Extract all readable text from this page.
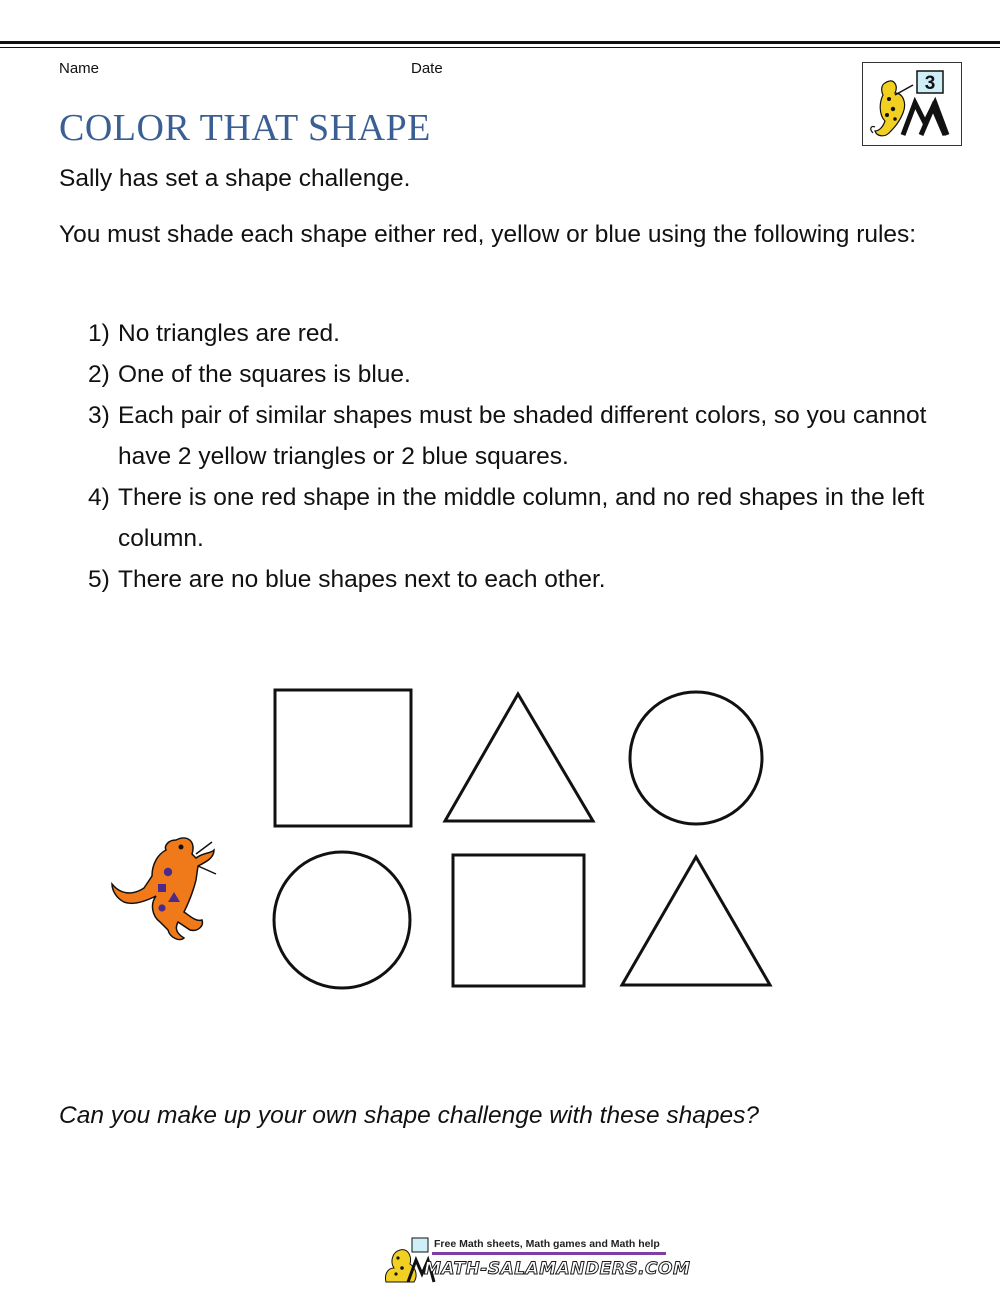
Name	Date
3
COLOR THAT SHAPE

Sally has set a shape challenge.

You must shade each shape either red, yellow or blue using the following rules:

1) No triangles are red.
2) One of the squares is blue.
3) Each pair of similar shapes must be shaded different colors, so you cannot have 2 yellow triangles or 2 blue squares.
4) There is one red shape in the middle column, and no red shapes in the left column.
5) There are no blue shapes next to each other.

Can you make up your own shape challenge with these shapes?

Free Math sheets, Math games and Math help
MATH-SALAMANDERS.COM
